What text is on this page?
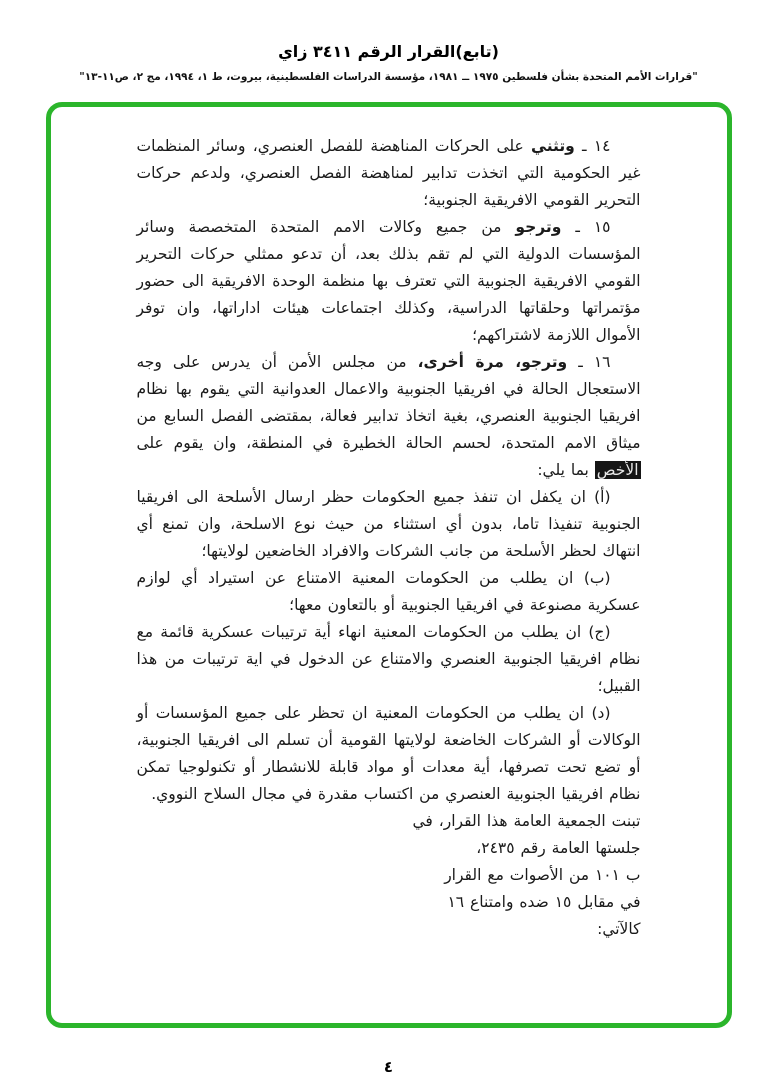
(تابع)القرار الرقم ٣٤١١ زاي
"قرارات الأمم المتحدة بشأن فلسطين ١٩٧٥ ــ ١٩٨١، مؤسسة الدراسات الفلسطينية، بيروت، ط ١، ١٩٩٤، مج ٢، ص١١-١٣"

١٤ ـ وتثني على الحركات المناهضة للفصل العنصري، وسائر المنظمات غير الحكومية التي اتخذت تدابير لمناهضة الفصل العنصري، ولدعم حركات التحرير القومي الافريقية الجنوبية؛

١٥ ـ وترجو من جميع وكالات الامم المتحدة المتخصصة وسائر المؤسسات الدولية التي لم تقم بذلك بعد، أن تدعو ممثلي حركات التحرير القومي الافريقية الجنوبية التي تعترف بها منظمة الوحدة الافريقية الى حضور مؤتمراتها وحلقاتها الدراسية، وكذلك اجتماعات هيئات اداراتها، وان توفر الأموال اللازمة لاشتراكهم؛

١٦ ـ وترجو، مرة أخرى، من مجلس الأمن أن يدرس على وجه الاستعجال الحالة في افريقيا الجنوبية والاعمال العدوانية التي يقوم بها نظام افريقيا الجنوبية العنصري، بغية اتخاذ تدابير فعالة، بمقتضى الفصل السابع من ميثاق الامم المتحدة، لحسم الحالة الخطيرة في المنطقة، وان يقوم على الأخص بما يلي:

(أ) ان يكفل ان تنفذ جميع الحكومات حظر ارسال الأسلحة الى افريقيا الجنوبية تنفيذا تاما، بدون أي استثناء من حيث نوع الاسلحة، وان تمنع أي انتهاك لحظر الأسلحة من جانب الشركات والافراد الخاضعين لولايتها؛

(ب) ان يطلب من الحكومات المعنية الامتناع عن استيراد أي لوازم عسكرية مصنوعة في افريقيا الجنوبية أو بالتعاون معها؛

(ج) ان يطلب من الحكومات المعنية انهاء أية ترتيبات عسكرية قائمة مع نظام افريقيا الجنوبية العنصري والامتناع عن الدخول في اية ترتيبات من هذا القبيل؛

(د) ان يطلب من الحكومات المعنية ان تحظر على جميع المؤسسات أو الوكالات أو الشركات الخاضعة لولايتها القومية أن تسلم الى افريقيا الجنوبية، أو تضع تحت تصرفها، أية معدات أو مواد قابلة للانشطار أو تكنولوجيا تمكن نظام افريقيا الجنوبية العنصري من اكتساب مقدرة في مجال السلاح النووي.

تبنت الجمعية العامة هذا القرار، في

جلستها العامة رقم ٢٤٣٥،

ب ١٠١ من الأصوات مع القرار

في مقابل ١٥ ضده وامتناع ١٦

كالآتي:

٤
